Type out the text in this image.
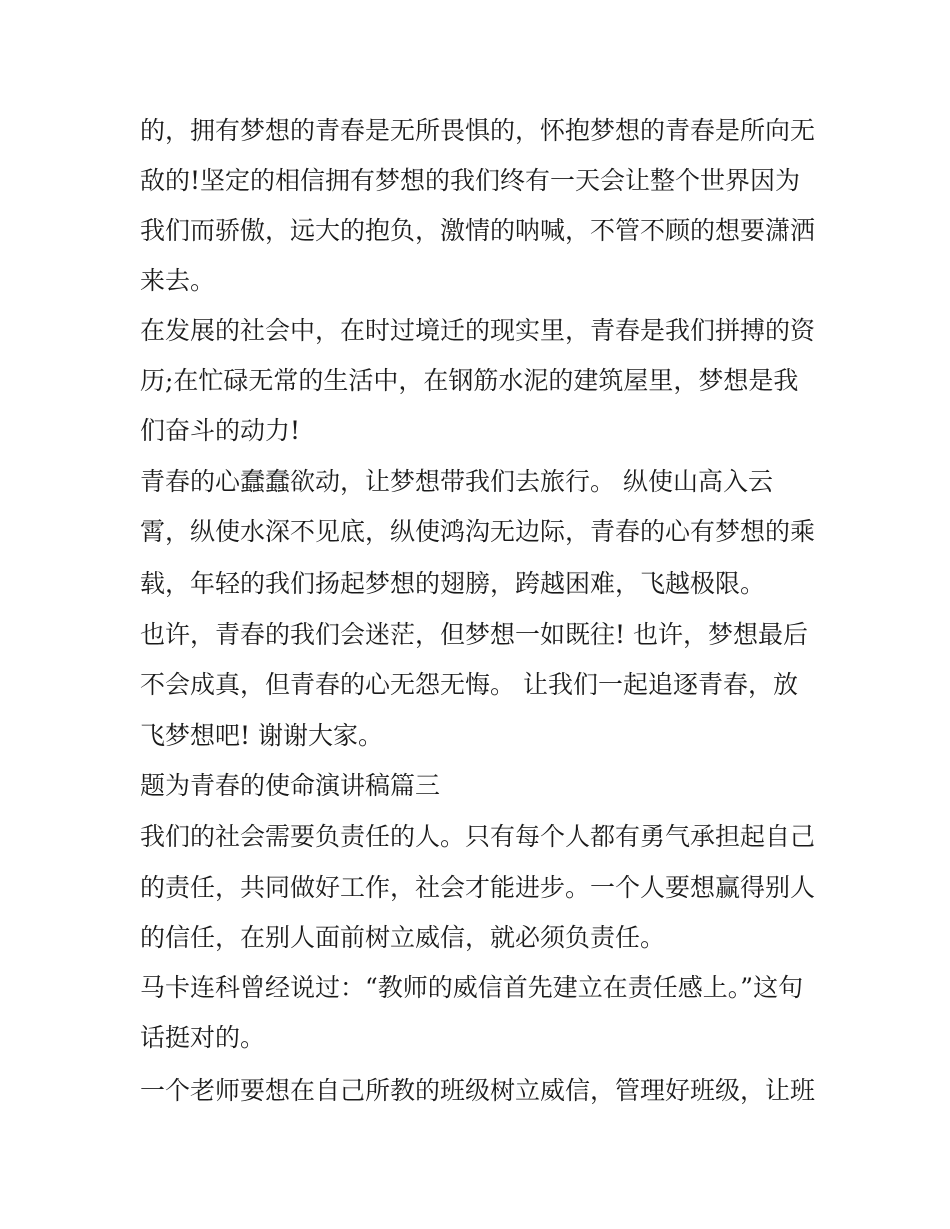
的，拥有梦想的青春是无所畏惧的，怀抱梦想的青春是所向无
敌的!坚定的相信拥有梦想的我们终有一天会让整个世界因为
我们而骄傲，远大的抱负，激情的呐喊，不管不顾的想要潇洒
来去。
在发展的社会中，在时过境迁的现实里，青春是我们拼搏的资
历;在忙碌无常的生活中，在钢筋水泥的建筑屋里，梦想是我
们奋斗的动力!
青春的心蠢蠢欲动，让梦想带我们去旅行。 纵使山高入云
霄，纵使水深不见底，纵使鸿沟无边际，青春的心有梦想的乘
载，年轻的我们扬起梦想的翅膀，跨越困难，飞越极限。
也许，青春的我们会迷茫，但梦想一如既往! 也许，梦想最后
不会成真，但青春的心无怨无悔。 让我们一起追逐青春，放
飞梦想吧! 谢谢大家。
题为青春的使命演讲稿篇三
我们的社会需要负责任的人。只有每个人都有勇气承担起自己
的责任，共同做好工作，社会才能进步。一个人要想赢得别人
的信任，在别人面前树立威信，就必须负责任。
马卡连科曾经说过：“教师的威信首先建立在责任感上。”这句
话挺对的。
一个老师要想在自己所教的班级树立威信，管理好班级，让班
